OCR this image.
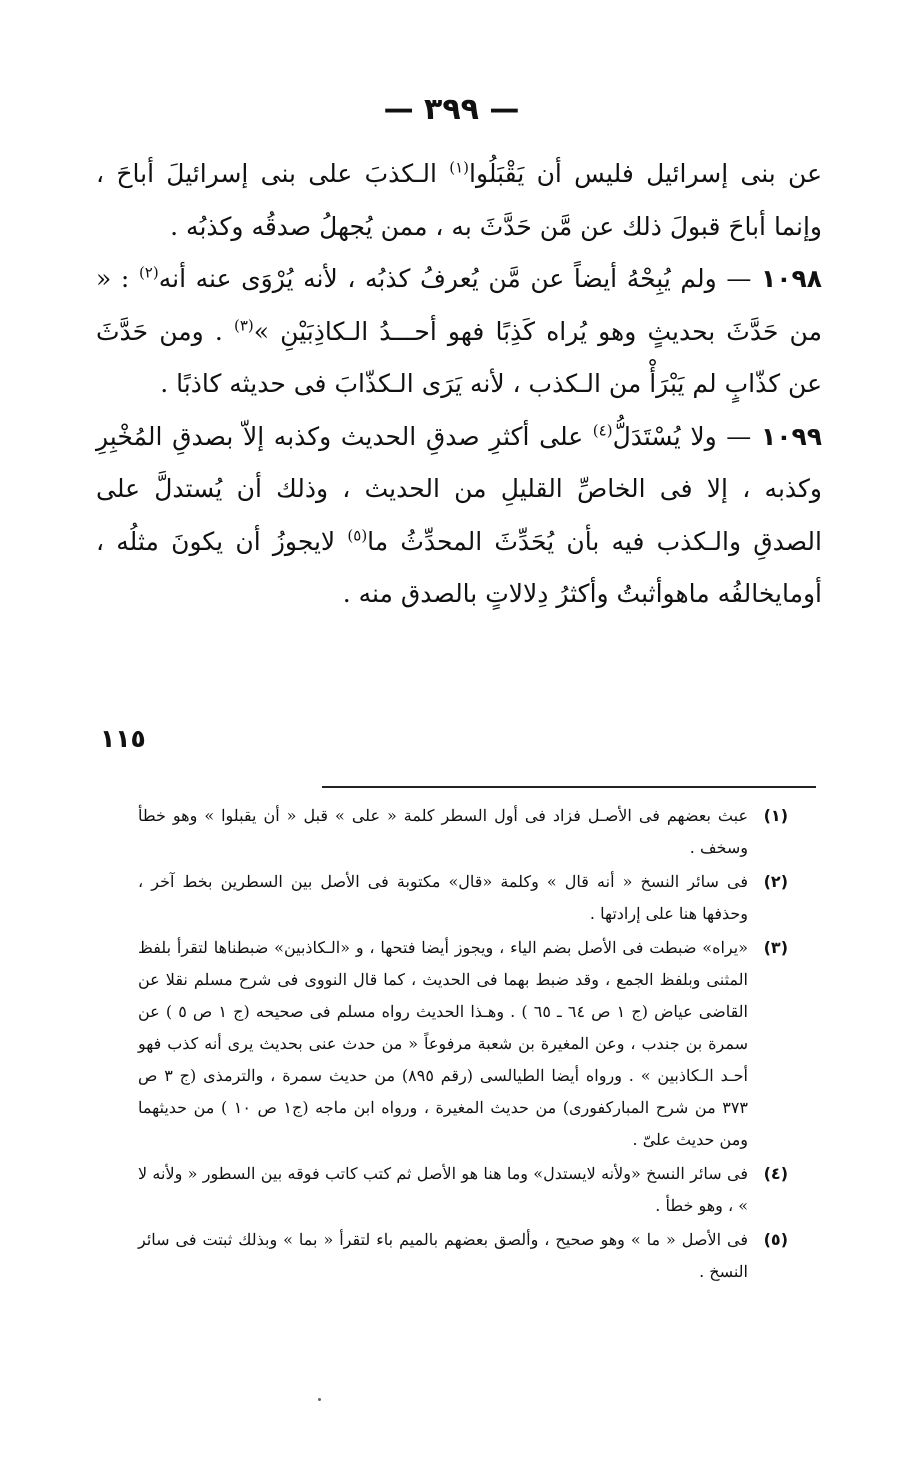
— ٣٩٩ —

عن بنى إسرائيل فليس أن يَقْبَلُوا$^{(١)}$ الـكذبَ على بنى إسرائيلَ أباحَ ، وإنما أباحَ قبولَ ذلك عن مَّن حَدَّثَ به ، ممن يُجهلُ صدقُه وكذبُه .

١٠٩٨ — ولم يُبِحْهُ أيضاً عن مَّن يُعرفُ كذبُه ، لأنه يُرْوَى عنه أنه$^{(٢)}$ : « من حَدَّثَ بحديثٍ وهو يُراه كَذِبًا فهو أحـــدُ الـكاذِبَيْنِ »$^{(٣)}$ . ومن حَدَّثَ عن كذّابٍ لم يَبْرَأْ من الـكذب ، لأنه يَرَى الـكذّابَ فى حديثه كاذبًا .

١٠٩٩ — ولا يُسْتَدَلُّ$^{(٤)}$ على أكثرِ صدقِ الحديث وكذبه إلاّ بصدقِ المُخْبِرِ وكذبه ، إلا فى الخاصِّ القليلِ من الحديث ، وذلك أن يُستدلَّ على الصدقِ والـكذب فيه بأن يُحَدِّثَ المحدِّثُ ما$^{(٥)}$ لايجوزُ أن يكونَ مثلُه ، أومايخالفُه ماهوأثبتُ وأكثرُ دِلالاتٍ بالصدق منه .

١١٥
(١)
عبث بعضهم فى الأصـل فزاد فى أول السطر كلمة « على » قبل « أن يقبلوا » وهو خطأ وسخف .
(٢)
فى سائر النسخ « أنه قال » وكلمة «قال» مكتوبة فى الأصل بين السطرين بخط آخر ، وحذفها هنا على إرادتها .
(٣)
«يراه» ضبطت فى الأصل بضم الياء ، ويجوز أيضا فتحها ، و «الـكاذبين» ضبطناها لتقرأ بلفظ المثنى وبلفظ الجمع ، وقد ضبط بهما فى الحديث ، كما قال النووى فى شرح مسلم نقلا عن القاضى عياض (ج ١ ص ٦٤ ـ ٦٥ ) . وهـذا الحديث رواه مسلم فى صحيحه (ج ١ ص ٥ ) عن سمرة بن جندب ، وعن المغيرة بن شعبة مرفوعاً « من حدث عنى بحديث يرى أنه كذب فهو أحـد الـكاذبين » . ورواه أيضا الطيالسى (رقم ٨٩٥) من حديث سمرة ، والترمذى (ج ٣ ص ٣٧٣ من شرح المباركفورى) من حديث المغيرة ، ورواه ابن ماجه (ج١ ص ١٠ ) من حديثهما ومن حديث علىّ .
(٤)
فى سائر النسخ «ولأنه لايستدل» وما هنا هو الأصل ثم كتب كاتب فوقه بين السطور « ولأنه لا » ، وهو خطأ .
(٥)
فى الأصل « ما » وهو صحيح ، وألصق بعضهم بالميم باء لتقرأ « بما » وبذلك ثبتت فى سائر النسخ .
